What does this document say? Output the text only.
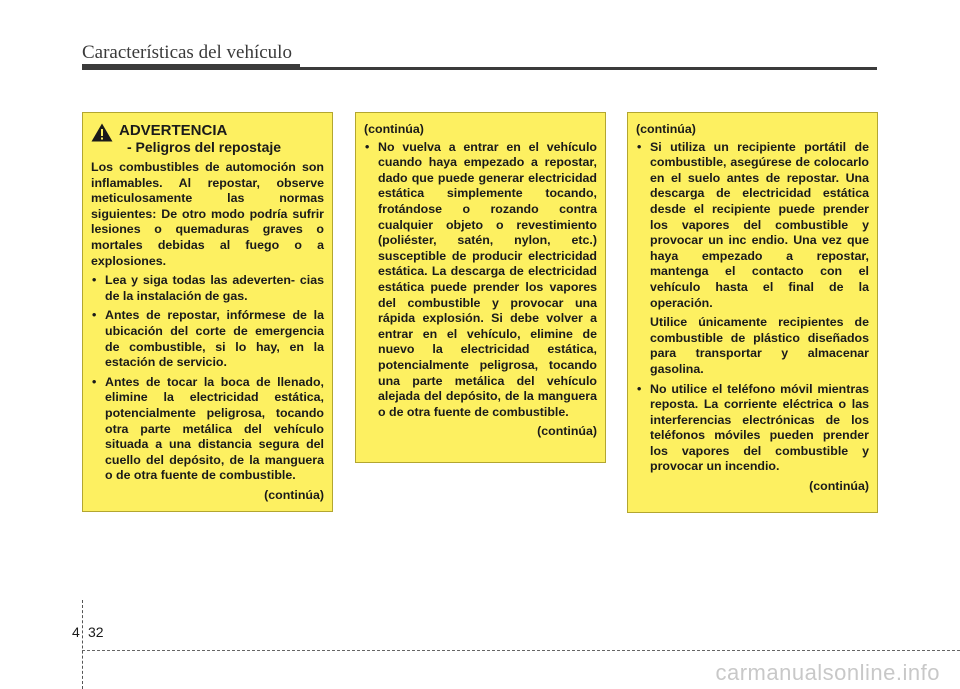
Características del vehículo
ADVERTENCIA
- Peligros del repostaje

Los combustibles de automoción son inflamables. Al repostar, observe meticulosamente las normas siguientes: De otro modo podría sufrir lesiones o quemaduras graves o mortales debidas al fuego o a explosiones.

• Lea y siga todas las adeverten- cias de la instalación de gas.
• Antes de repostar, infórmese de la ubicación del corte de emergencia de combustible, si lo hay, en la estación de servicio.
• Antes de tocar la boca de llenado, elimine la electricidad estática, potencialmente peligrosa, tocando otra parte metálica del vehículo situada a una distancia segura del cuello del depósito, de la manguera o de otra fuente de combustible.
(continúa)
(continúa)
• No vuelva a entrar en el vehículo cuando haya empezado a repostar, dado que puede generar electricidad estática simplemente tocando, frotándose o rozando contra cualquier objeto o revestimiento (poliéster, satén, nylon, etc.) susceptible de producir electricidad estática. La descarga de electricidad estática puede prender los vapores del combustible y provocar una rápida explosión. Si debe volver a entrar en el vehículo, elimine de nuevo la electricidad estática, potencialmente peligrosa, tocando una parte metálica del vehículo alejada del depósito, de la manguera o de otra fuente de combustible.
(continúa)
(continúa)
• Si utiliza un recipiente portátil de combustible, asegúrese de colocarlo en el suelo antes de repostar. Una descarga de electricidad estática desde el recipiente puede prender los vapores del combustible y provocar un inc endio. Una vez que haya empezado a repostar, mantenga el contacto con el vehículo hasta el final de la operación.

Utilice únicamente recipientes de combustible de plástico diseñados para transportar y almacenar gasolina.

• No utilice el teléfono móvil mientras reposta. La corriente eléctrica o las interferencias electrónicas de los teléfonos móviles pueden prender los vapores del combustible y provocar un incendio.
(continúa)
4 32
carmanualsonline.info
